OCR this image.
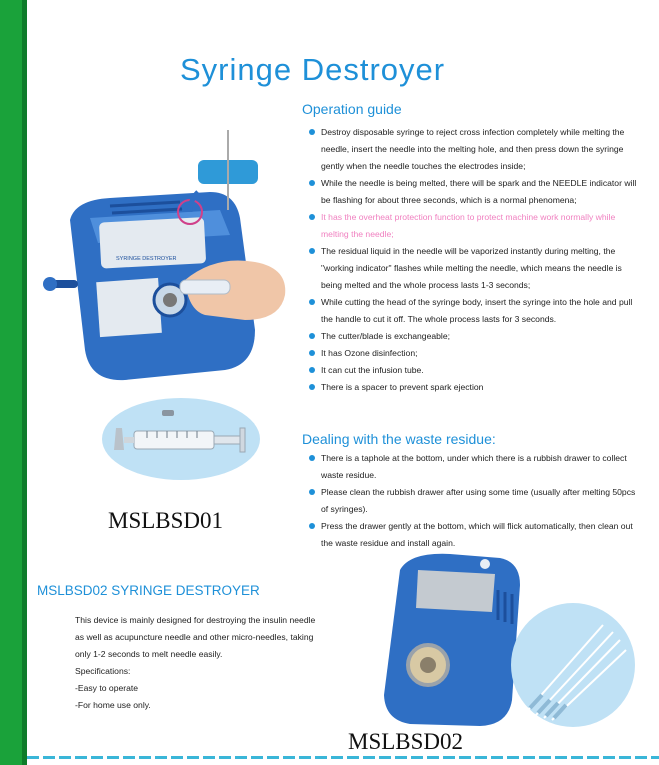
Syringe Destroyer
Operation guide
Destroy disposable syringe to reject cross infection completely while melting the needle, insert the needle into the melting hole, and then press down the syringe gently when the needle touches the electrodes inside;
While the needle is being melted, there will be spark and the NEEDLE indicator will be flashing for about three seconds, which is a normal phenomena;
It has the overheat protection function to protect machine work normally while melting the needle;
The residual liquid in the needle will be vaporized instantly during melting, the "working indicator" flashes while melting the needle, which means the needle is being melted and the whole process lasts 1-3 seconds;
While cutting the head of the syringe body, insert the syringe into the hole and pull the handle to cut it off. The whole process lasts for 3 seconds.
The cutter/blade is exchangeable;
It has Ozone disinfection;
It can cut the infusion tube.
There is a spacer to prevent spark ejection
Dealing with the waste residue:
There is a taphole at the bottom, under which there is a rubbish drawer to collect waste residue.
Please clean the rubbish drawer after using some time (usually after melting 50pcs of syringes).
Press the drawer gently at the bottom, which will flick automatically, then clean out the waste residue and install again.
SYRINGE DESTROYER
MSLBSD01
MSLBSD02 SYRINGE DESTROYER

This device is mainly designed for destroying the insulin needle

as well as acupuncture needle and other micro-needles, taking

only 1-2 seconds to melt needle easily.

Specifications:

-Easy to operate

-For home use only.

MSLBSD02
